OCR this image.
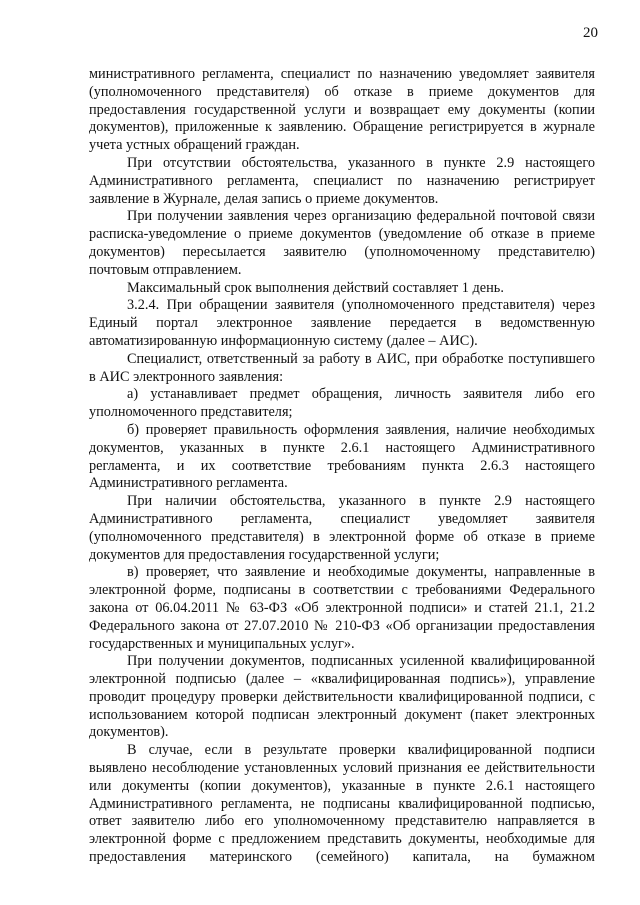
20

министративного регламента, специалист по назначению уведомляет заявителя (уполномоченного представителя) об отказе в приеме документов для предоставления государственной услуги и возвращает ему документы (копии документов), приложенные к заявлению. Обращение регистрируется в журнале учета устных обращений граждан.

При отсутствии обстоятельства, указанного в пункте 2.9 настоящего Административного регламента, специалист по назначению регистрирует заявление в Журнале, делая запись о приеме документов.

При получении заявления через организацию федеральной почтовой связи расписка-уведомление о приеме документов (уведомление об отказе в приеме документов) пересылается заявителю (уполномоченному представителю) почтовым отправлением.

Максимальный срок выполнения действий составляет 1 день.

3.2.4. При обращении заявителя (уполномоченного представителя) через Единый портал электронное заявление передается в ведомственную автоматизированную информационную систему (далее – АИС).

Специалист, ответственный за работу в АИС, при обработке поступившего в АИС электронного заявления:

а) устанавливает предмет обращения, личность заявителя либо его уполномоченного представителя;

б) проверяет правильность оформления заявления, наличие необходимых документов, указанных в пункте 2.6.1 настоящего Административного регламента, и их соответствие требованиям пункта 2.6.3 настоящего Административного регламента.

При наличии обстоятельства, указанного в пункте 2.9 настоящего Административного регламента, специалист уведомляет заявителя (уполномоченного представителя) в электронной форме об отказе в приеме документов для предоставления государственной услуги;

в) проверяет, что заявление и необходимые документы, направленные в электронной форме, подписаны в соответствии с требованиями Федерального закона от 06.04.2011 № 63-ФЗ «Об электронной подписи» и статей 21.1, 21.2 Федерального закона от 27.07.2010 № 210-ФЗ «Об организации предоставления государственных и муниципальных услуг».

При получении документов, подписанных усиленной квалифицированной электронной подписью (далее – «квалифицированная подпись»), управление проводит процедуру проверки действительности квалифицированной подписи, с использованием которой подписан электронный документ (пакет электронных документов).

В случае, если в результате проверки квалифицированной подписи выявлено несоблюдение установленных условий признания ее действительности или документы (копии документов), указанные в пункте 2.6.1 настоящего Административного регламента, не подписаны квалифицированной подписью, ответ заявителю либо его уполномоченному представителю направляется в электронной форме с предложением представить документы, необходимые для предоставления материнского (семейного) капитала, на бумажном
